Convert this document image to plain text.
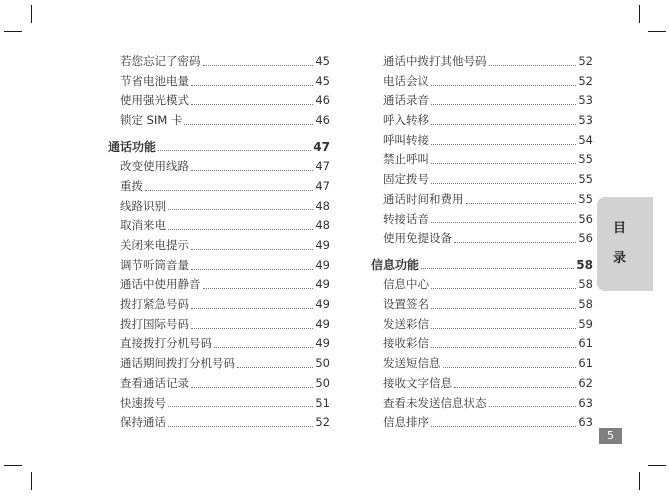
若您忘记了密码	45
节省电池电量	45
使用强光模式	46
锁定 SIM 卡	46
通话功能	47
改变使用线路	47
重拨	47
线路识别	48
取消来电	48
关闭来电提示	49
调节听筒音量	49
通话中使用静音	49
拨打紧急号码	49
拨打国际号码	49
直接拨打分机号码	49
通话期间拨打分机号码	50
查看通话记录	50
快速拨号	51
保持通话	52
通话中拨打其他号码	52
电话会议	52
通话录音	53
呼入转移	53
呼叫转接	54
禁止呼叫	55
固定拨号	55
通话时间和费用	55
转接话音	56
使用免提设备	56
信息功能	58
信息中心	58
设置签名	58
发送彩信	59
接收彩信	61
发送短信息	61
接收文字信息	62
查看未发送信息状态	63
信息排序	63
目
录
5
